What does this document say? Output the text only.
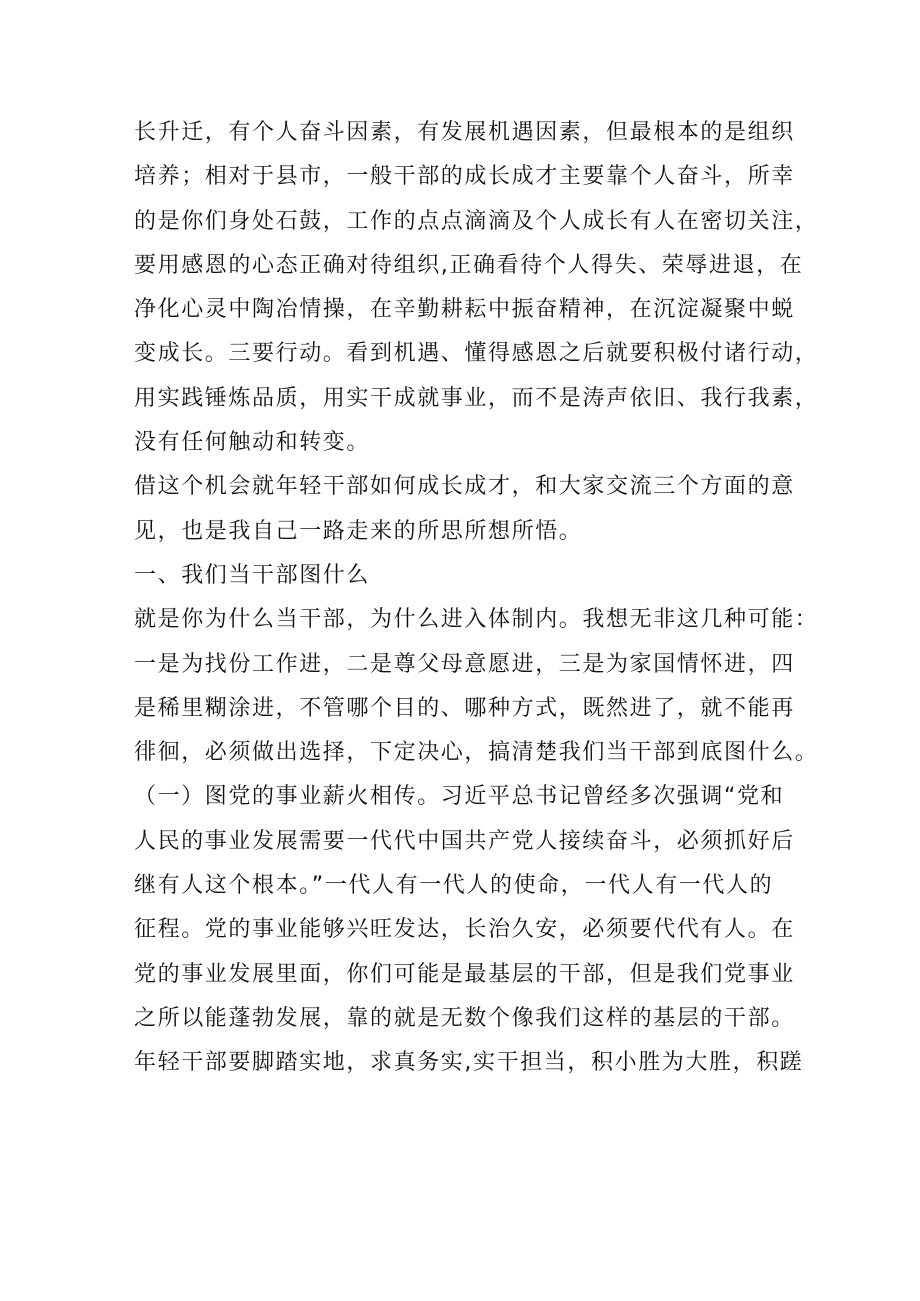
长升迁，有个人奋斗因素，有发展机遇因素，但最根本的是组织
培养；相对于县市，一般干部的成长成才主要靠个人奋斗，所幸
的是你们身处石鼓，工作的点点滴滴及个人成长有人在密切关注，
要用感恩的心态正确对待组织,正确看待个人得失、荣辱进退，在
净化心灵中陶冶情操，在辛勤耕耘中振奋精神，在沉淀凝聚中蜕
变成长。三要行动。看到机遇、懂得感恩之后就要积极付诸行动，
用实践锤炼品质，用实干成就事业，而不是涛声依旧、我行我素，
没有任何触动和转变。
借这个机会就年轻干部如何成长成才，和大家交流三个方面的意
见，也是我自己一路走来的所思所想所悟。
一、我们当干部图什么
就是你为什么当干部，为什么进入体制内。我想无非这几种可能：
一是为找份工作进，二是尊父母意愿进，三是为家国情怀进，四
是稀里糊涂进，不管哪个目的、哪种方式，既然进了，就不能再
徘徊，必须做出选择，下定决心，搞清楚我们当干部到底图什么。
（一）图党的事业薪火相传。习近平总书记曾经多次强调“党和
人民的事业发展需要一代代中国共产党人接续奋斗，必须抓好后
继有人这个根本。”一代人有一代人的使命，一代人有一代人的
征程。党的事业能够兴旺发达，长治久安，必须要代代有人。在
党的事业发展里面，你们可能是最基层的干部，但是我们党事业
之所以能蓬勃发展，靠的就是无数个像我们这样的基层的干部。
年轻干部要脚踏实地，求真务实,实干担当，积小胜为大胜，积蹉
